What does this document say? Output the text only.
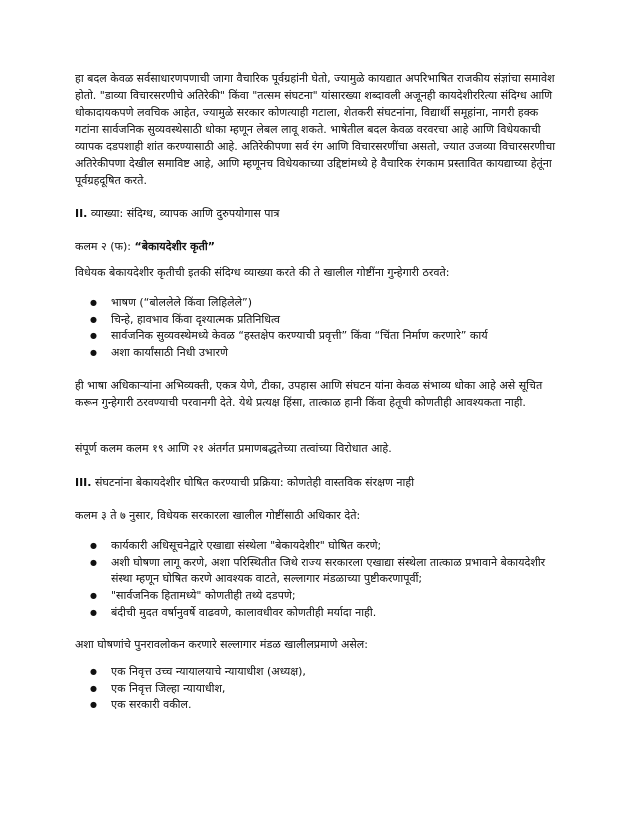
हा बदल केवळ सर्वसाधारणपणाची जागा वैचारिक पूर्वग्रहांनी घेतो, ज्यामुळे कायद्यात अपरिभाषित राजकीय संज्ञांचा समावेश होतो. "डाव्या विचारसरणीचे अतिरेकी" किंवा "तत्सम संघटना" यांसारख्या शब्दावली अजूनही कायदेशीररित्या संदिग्ध आणि धोकादायकपणे लवचिक आहेत, ज्यामुळे सरकार कोणत्याही गटाला, शेतकरी संघटनांना, विद्यार्थी समूहांना, नागरी हक्क गटांना सार्वजनिक सुव्यवस्थेसाठी धोका म्हणून लेबल लावू शकते. भाषेतील बदल केवळ वरवरचा आहे आणि विधेयकाची व्यापक दडपशाही शांत करण्यासाठी आहे. अतिरेकीपणा सर्व रंग आणि विचारसरणींचा असतो, ज्यात उजव्या विचारसरणीचा अतिरेकीपणा देखील समाविष्ट आहे, आणि म्हणूनच विधेयकाच्या उद्दिष्टांमध्ये हे वैचारिक रंगकाम प्रस्तावित कायद्याच्या हेतूंना पूर्वग्रहदूषित करते.

II. व्याख्या: संदिग्ध, व्यापक आणि दुरुपयोगास पात्र

कलम २ (फ): “बेकायदेशीर कृती”

विधेयक बेकायदेशीर कृतीची इतकी संदिग्ध व्याख्या करते की ते खालील गोष्टींना गुन्हेगारी ठरवते:

● भाषण (“बोललेले किंवा लिहिलेले”)
● चिन्हे, हावभाव किंवा दृश्यात्मक प्रतिनिधित्व
● सार्वजनिक सुव्यवस्थेमध्ये केवळ “हस्तक्षेप करण्याची प्रवृत्ती” किंवा “चिंता निर्माण करणारे” कार्य
● अशा कार्यांसाठी निधी उभारणे

ही भाषा अधिकाऱ्यांना अभिव्यक्ती, एकत्र येणे, टीका, उपहास आणि संघटन यांना केवळ संभाव्य धोका आहे असे सूचित करून गुन्हेगारी ठरवण्याची परवानगी देते. येथे प्रत्यक्ष हिंसा, तात्काळ हानी किंवा हेतूची कोणतीही आवश्यकता नाही.

संपूर्ण कलम कलम १९ आणि २१ अंतर्गत प्रमाणबद्धतेच्या तत्वांच्या विरोधात आहे.

III. संघटनांना बेकायदेशीर घोषित करण्याची प्रक्रिया: कोणतेही वास्तविक संरक्षण नाही

कलम ३ ते ७ नुसार, विधेयक सरकारला खालील गोष्टींसाठी अधिकार देते:

● कार्यकारी अधिसूचनेद्वारे एखाद्या संस्थेला "बेकायदेशीर" घोषित करणे;
● अशी घोषणा लागू करणे, अशा परिस्थितीत जिथे राज्य सरकारला एखाद्या संस्थेला तात्काळ प्रभावाने बेकायदेशीर संस्था म्हणून घोषित करणे आवश्यक वाटते, सल्लागार मंडळाच्या पुष्टीकरणापूर्वी;
● "सार्वजनिक हितामध्ये" कोणतीही तथ्ये दडपणे;
● बंदीची मुदत वर्षानुवर्षे वाढवणे, कालावधीवर कोणतीही मर्यादा नाही.

अशा घोषणांचे पुनरावलोकन करणारे सल्लागार मंडळ खालीलप्रमाणे असेल:

● एक निवृत्त उच्च न्यायालयाचे न्यायाधीश (अध्यक्ष),
● एक निवृत्त जिल्हा न्यायाधीश,
● एक सरकारी वकील.
